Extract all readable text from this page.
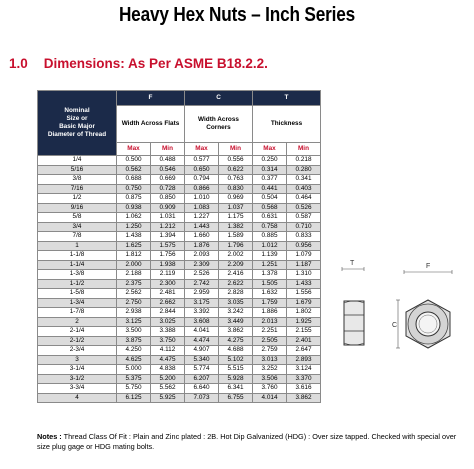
Heavy Hex Nuts – Inch Series
1.0 Dimensions: As Per ASME B18.2.2.
Nominal
Size or
Basic Major
Diameter of Thread	F		C		T	
	Width Across Flats		Width Across Corners		Thickness	
	Max	Min	Max	Min	Max	Min
1/4	0.500	0.488	0.577	0.556	0.250	0.218
5/16	0.562	0.546	0.650	0.622	0.314	0.280
3/8	0.688	0.669	0.794	0.763	0.377	0.341
7/16	0.750	0.728	0.866	0.830	0.441	0.403
1/2	0.875	0.850	1.010	0.969	0.504	0.464
9/16	0.938	0.909	1.083	1.037	0.568	0.526
5/8	1.062	1.031	1.227	1.175	0.631	0.587
3/4	1.250	1.212	1.443	1.382	0.758	0.710
7/8	1.438	1.394	1.660	1.589	0.885	0.833
1	1.625	1.575	1.876	1.796	1.012	0.956
1-1/8	1.812	1.756	2.093	2.002	1.139	1.079
1-1/4	2.000	1.938	2.309	2.209	1.251	1.187
1-3/8	2.188	2.119	2.526	2.416	1.378	1.310
1-1/2	2.375	2.300	2.742	2.622	1.505	1.433
1-5/8	2.562	2.481	2.959	2.828	1.632	1.556
1-3/4	2.750	2.662	3.175	3.035	1.759	1.679
1-7/8	2.938	2.844	3.392	3.242	1.886	1.802
2	3.125	3.025	3.608	3.449	2.013	1.925
2-1/4	3.500	3.388	4.041	3.862	2.251	2.155
2-1/2	3.875	3.750	4.474	4.275	2.505	2.401
2-3/4	4.250	4.112	4.907	4.688	2.759	2.647
3	4.625	4.475	5.340	5.102	3.013	2.893
3-1/4	5.000	4.838	5.774	5.515	3.252	3.124
3-1/2	5.375	5.200	6.207	5.928	3.506	3.370
3-3/4	5.750	5.562	6.640	6.341	3.760	3.616
4	6.125	5.925	7.073	6.755	4.014	3.862
T	F
C
Notes : Thread Class Of Fit : Plain and Zinc plated : 2B. Hot Dip Galvanized (HDG) : Over size tapped. Checked with special over size plug gage or HDG mating bolts.
